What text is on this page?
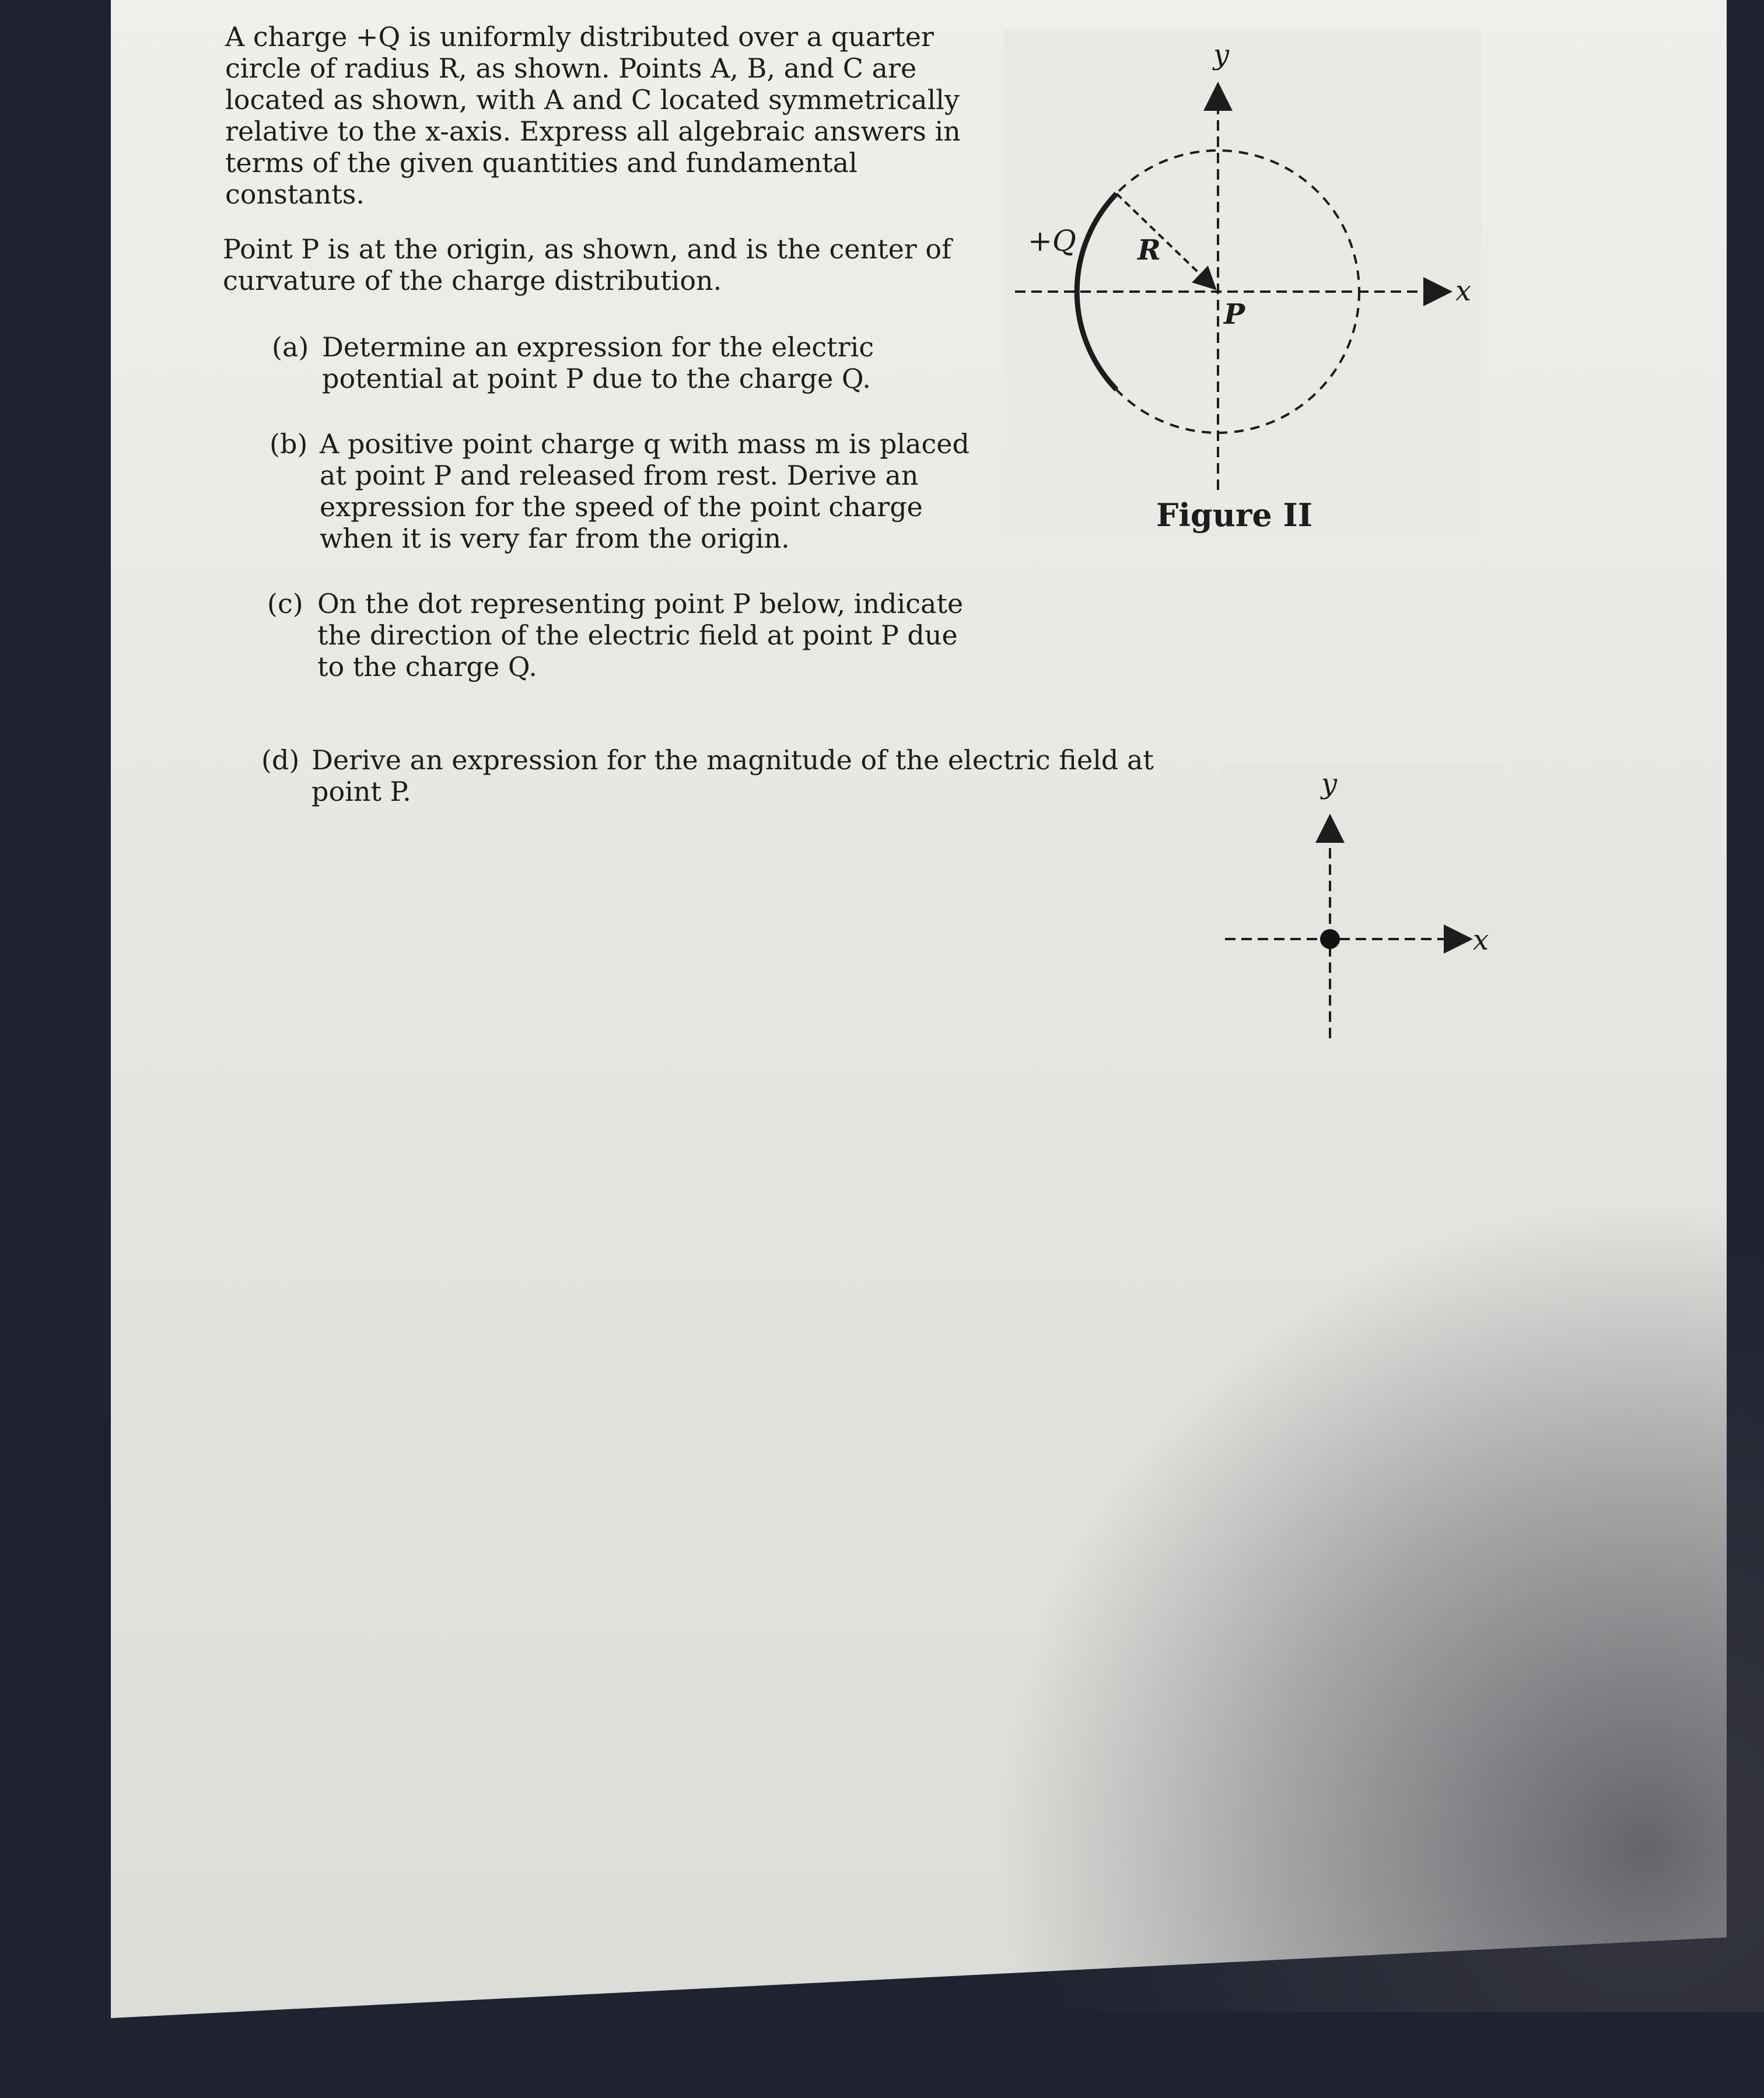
A charge +Q is uniformly distributed over a quarter
circle of radius R, as shown. Points A, B, and C are
located as shown, with A and C located symmetrically
relative to the x-axis. Express all algebraic answers in
terms of the given quantities and fundamental
constants.

Point P is at the origin, as shown, and is the center of
curvature of the charge distribution.

(a) Determine an expression for the electric
potential at point P due to the charge Q.
(b) A positive point charge q with mass m is placed
at point P and released from rest. Derive an
expression for the speed of the point charge
when it is very far from the origin.
(c) On the dot representing point P below, indicate
the direction of the electric field at point P due
to the charge Q.
(d) Derive an expression for the magnitude of the electric field at
point P.
y
x
+Q R
P
Figure II
y
x
